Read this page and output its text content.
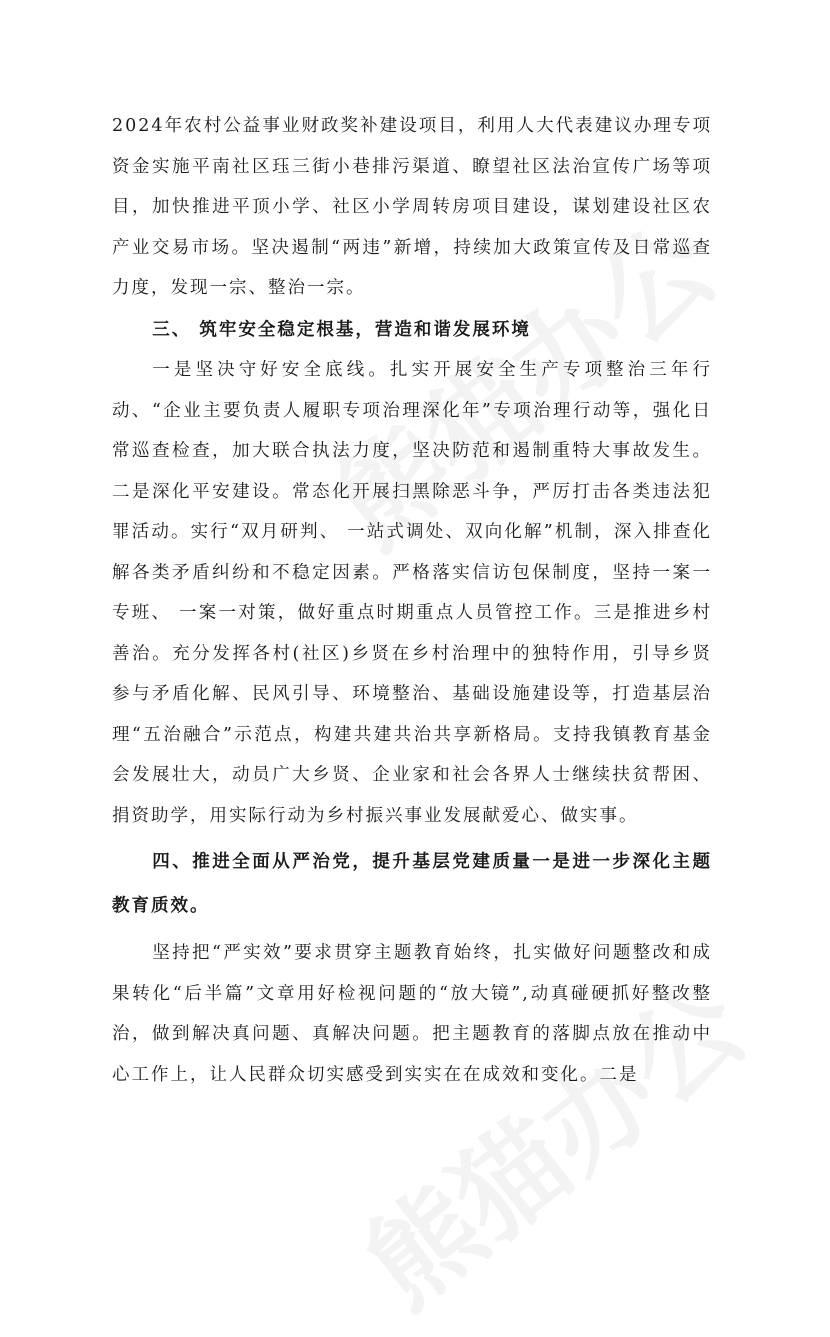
2024年农村公益事业财政奖补建设项目，利用人大代表建议办理专项资金实施平南社区珏三街小巷排污渠道、瞭望社区法治宣传广场等项目，加快推进平顶小学、社区小学周转房项目建设，谋划建设社区农产业交易市场。坚决遏制“两违”新增，持续加大政策宣传及日常巡查力度，发现一宗、整治一宗。

三、 筑牢安全稳定根基，营造和谐发展环境

一是坚决守好安全底线。扎实开展安全生产专项整治三年行动、“企业主要负责人履职专项治理深化年”专项治理行动等，强化日常巡查检查，加大联合执法力度，坚决防范和遏制重特大事故发生。二是深化平安建设。常态化开展扫黑除恶斗争，严厉打击各类违法犯罪活动。实行“双月研判、 一站式调处、双向化解”机制，深入排查化解各类矛盾纠纷和不稳定因素。严格落实信访包保制度，坚持一案一专班、 一案一对策，做好重点时期重点人员管控工作。三是推进乡村善治。充分发挥各村(社区)乡贤在乡村治理中的独特作用，引导乡贤参与矛盾化解、民风引导、环境整治、基础设施建设等，打造基层治理“五治融合”示范点，构建共建共治共享新格局。支持我镇教育基金会发展壮大，动员广大乡贤、企业家和社会各界人士继续扶贫帮困、捐资助学，用实际行动为乡村振兴事业发展献爱心、做实事。

四、推进全面从严治党，提升基层党建质量一是进一步深化主题教育质效。

坚持把“严实效”要求贯穿主题教育始终，扎实做好问题整改和成果转化“后半篇”文章用好检视问题的“放大镜”,动真碰硬抓好整改整治，做到解决真问题、真解决问题。把主题教育的落脚点放在推动中心工作上，让人民群众切实感受到实实在在成效和变化。二是
